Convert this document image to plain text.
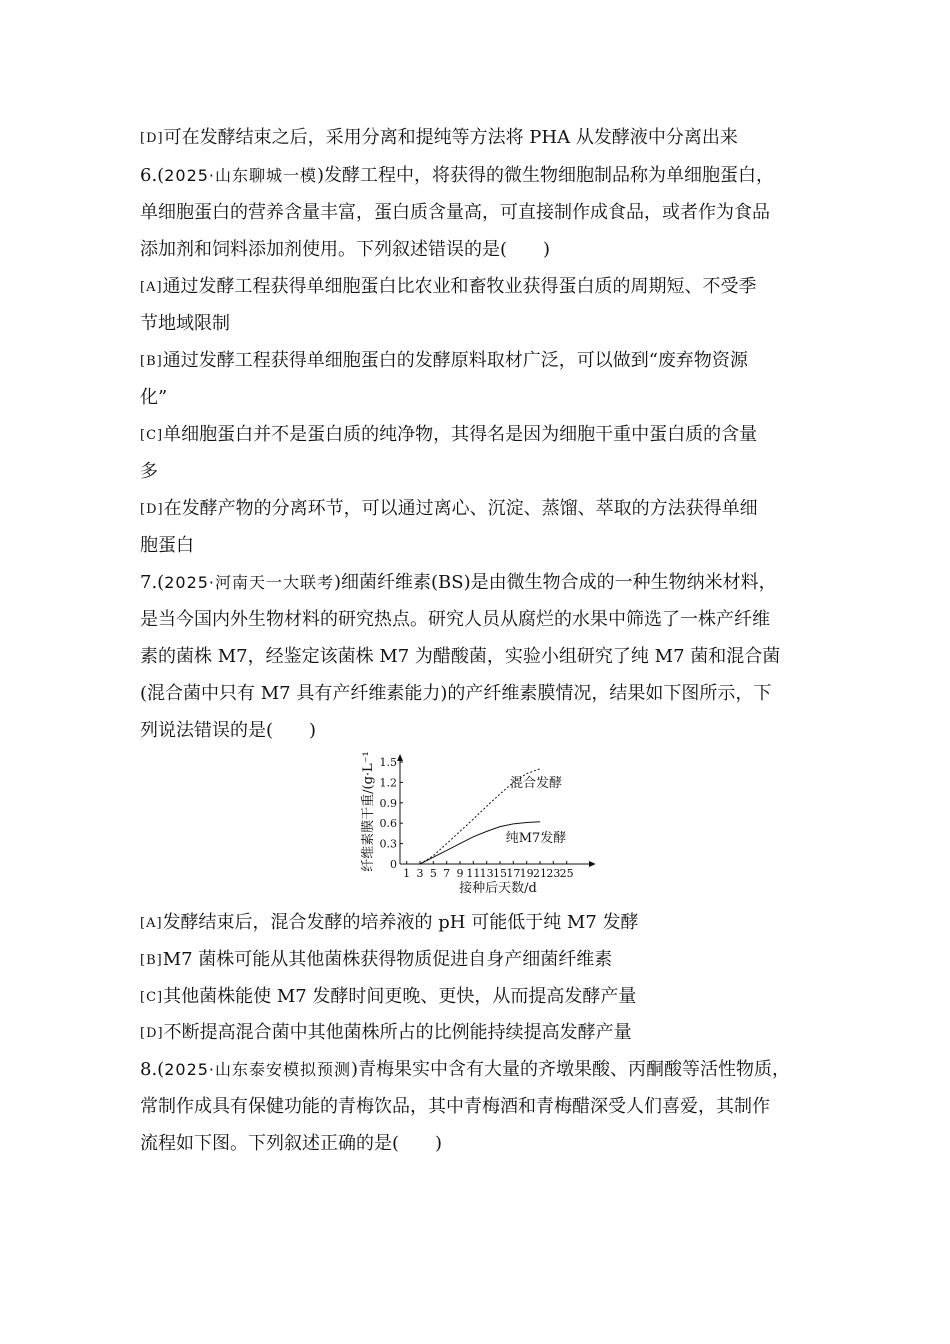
[D]可在发酵结束之后，采用分离和提纯等方法将 PHA 从发酵液中分离出来
6.(2025·山东聊城一模)发酵工程中，将获得的微生物细胞制品称为单细胞蛋白，
单细胞蛋白的营养含量丰富，蛋白质含量高，可直接制作成食品，或者作为食品
添加剂和饲料添加剂使用。下列叙述错误的是(　　)
[A]通过发酵工程获得单细胞蛋白比农业和畜牧业获得蛋白质的周期短、不受季
节地域限制
[B]通过发酵工程获得单细胞蛋白的发酵原料取材广泛，可以做到“废弃物资源
化”
[C]单细胞蛋白并不是蛋白质的纯净物，其得名是因为细胞干重中蛋白质的含量
多
[D]在发酵产物的分离环节，可以通过离心、沉淀、蒸馏、萃取的方法获得单细
胞蛋白
7.(2025·河南天一大联考)细菌纤维素(BS)是由微生物合成的一种生物纳米材料，
是当今国内外生物材料的研究热点。研究人员从腐烂的水果中筛选了一株产纤维
素的菌株 M7，经鉴定该菌株 M7 为醋酸菌，实验小组研究了纯 M7 菌和混合菌
(混合菌中只有 M7 具有产纤维素能力)的产纤维素膜情况，结果如下图所示，下
列说法错误的是(　　)
0
0.3
0.6
0.9
1.2
1.5
1 3 5 7 9 11 13 15 17 19 21 23 25
混合发酵
纯M7发酵
接种后天数/d
纤维素膜干重/(g·L⁻¹)
[A]发酵结束后，混合发酵的培养液的 pH 可能低于纯 M7 发酵
[B]M7 菌株可能从其他菌株获得物质促进自身产细菌纤维素
[C]其他菌株能使 M7 发酵时间更晚、更快，从而提高发酵产量
[D]不断提高混合菌中其他菌株所占的比例能持续提高发酵产量
8.(2025·山东泰安模拟预测)青梅果实中含有大量的齐墩果酸、丙酮酸等活性物质，
常制作成具有保健功能的青梅饮品，其中青梅酒和青梅醋深受人们喜爱，其制作
流程如下图。下列叙述正确的是(　　)
